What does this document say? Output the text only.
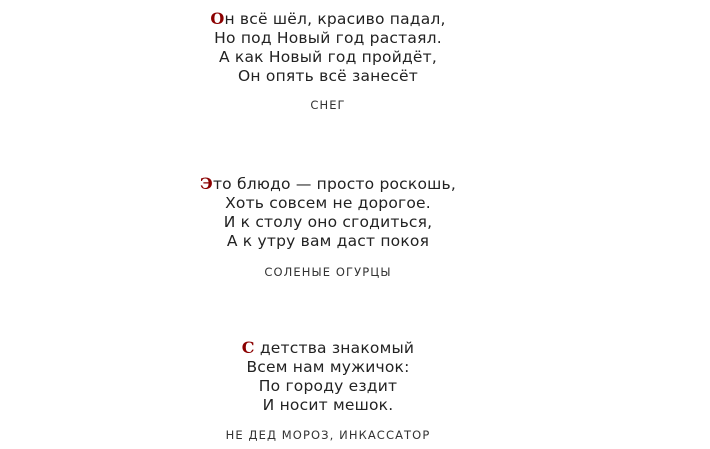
Он всё шёл, красиво падал,
Но под Новый год растаял.
А как Новый год пройдёт,
Он опять всё занесёт
СНЕГ
Это блюдо — просто роскошь,
Хоть совсем не дорогое.
И к столу оно сгодиться,
А к утру вам даст покоя
СОЛЕНЫЕ ОГУРЦЫ
С детства знакомый
Всем нам мужичок:
По городу ездит
И носит мешок.
НЕ ДЕД МОРОЗ, ИНКАССАТОР
